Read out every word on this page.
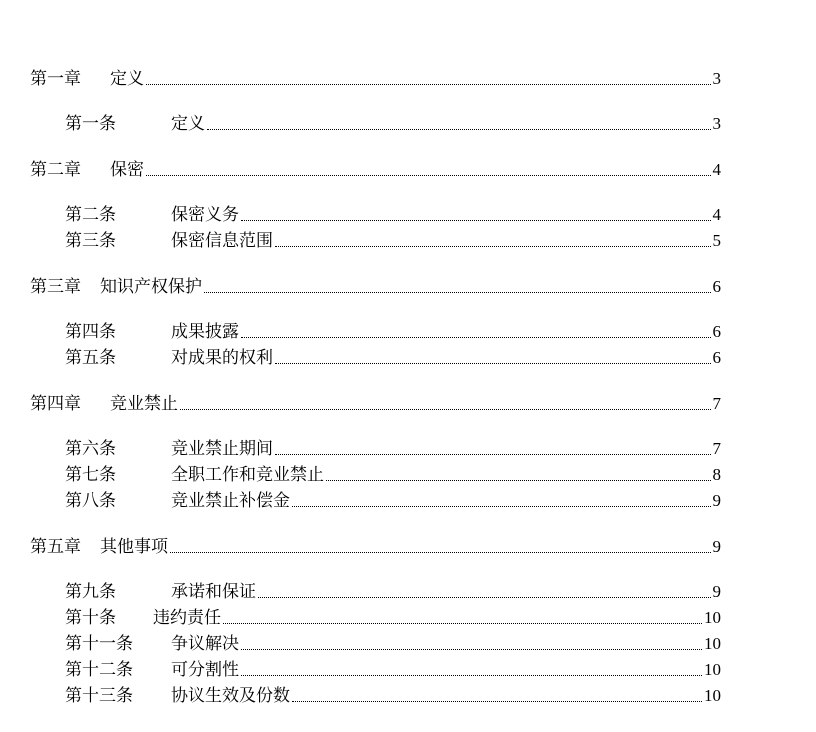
第一章	定义	3
第一条	定义	3
第二章	保密	4
第二条	保密义务	4
第三条	保密信息范围	5
第三章	知识产权保护	6
第四条	成果披露	6
第五条	对成果的权利	6
第四章	竞业禁止	7
第六条	竞业禁止期间	7
第七条	全职工作和竞业禁止	8
第八条	竞业禁止补偿金	9
第五章	其他事项	9
第九条	承诺和保证	9
第十条	违约责任	10
第十一条	争议解决	10
第十二条	可分割性	10
第十三条	协议生效及份数	10
